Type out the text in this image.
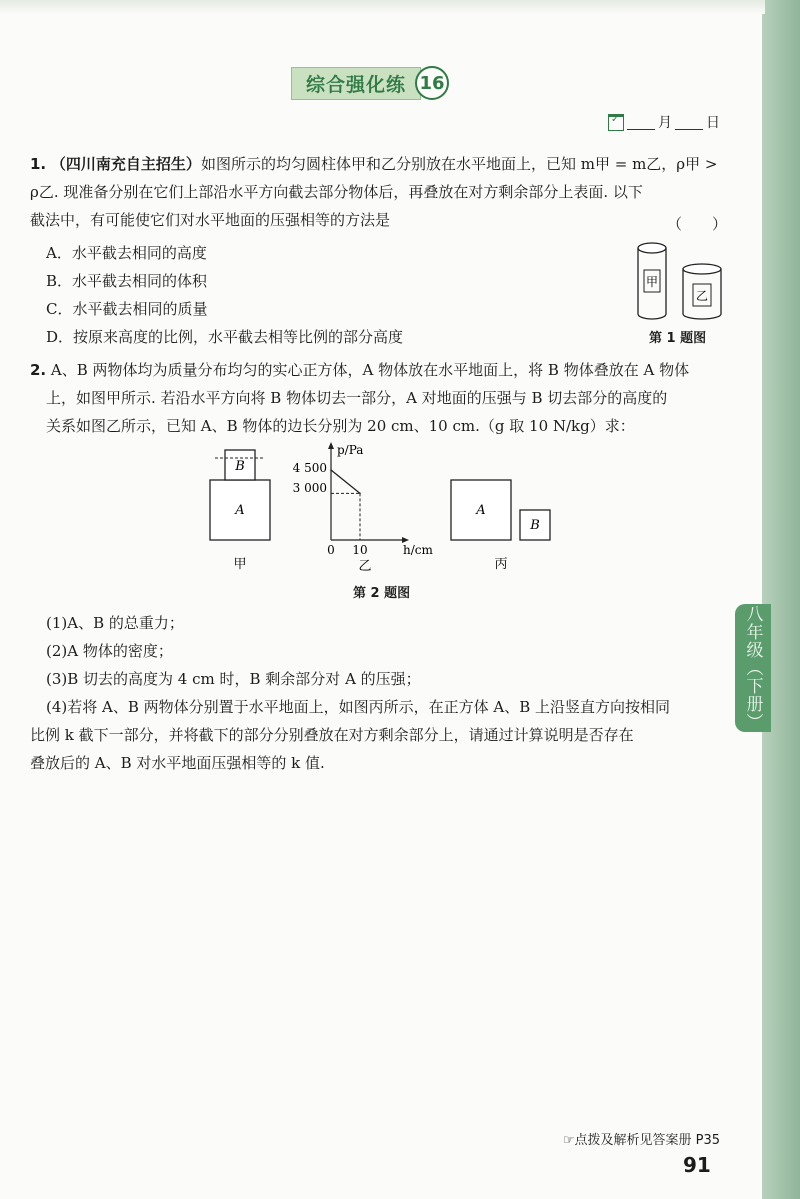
综合强化练 16
✓
月 日
1. （四川南充自主招生）如图所示的均匀圆柱体甲和乙分别放在水平地面上，已知 m甲 = m乙，ρ甲 >
ρ乙. 现准备分别在它们上部沿水平方向截去部分物体后，再叠放在对方剩余部分上表面. 以下
截法中，有可能使它们对水平地面的压强相等的方法是	（　　）
A．水平截去相同的高度
B．水平截去相同的体积
C．水平截去相同的质量
D．按原来高度的比例，水平截去相等比例的部分高度
甲
乙
第 1 题图
2. A、B 两物体均为质量分布均匀的实心正方体，A 物体放在水平地面上，将 B 物体叠放在 A 物体
上，如图甲所示. 若沿水平方向将 B 物体切去一部分，A 对地面的压强与 B 切去部分的高度的
关系如图乙所示，已知 A、B 物体的边长分别为 20 cm、10 cm.（g 取 10 N/kg）求：
A
B
甲
p/Pa
h/cm
4 500
3 000
0 10
乙
A
B
丙
第 2 题图
(1)A、B 的总重力；
(2)A 物体的密度；
(3)B 切去的高度为 4 cm 时，B 剩余部分对 A 的压强；
(4)若将 A、B 两物体分别置于水平地面上，如图丙所示，在正方体 A、B 上沿竖直方向按相同
比例 k 截下一部分，并将截下的部分分别叠放在对方剩余部分上，请通过计算说明是否存在
叠放后的 A、B 对水平地面压强相等的 k 值.
八年级（下册）
☞点拨及解析见答案册 P35
91
